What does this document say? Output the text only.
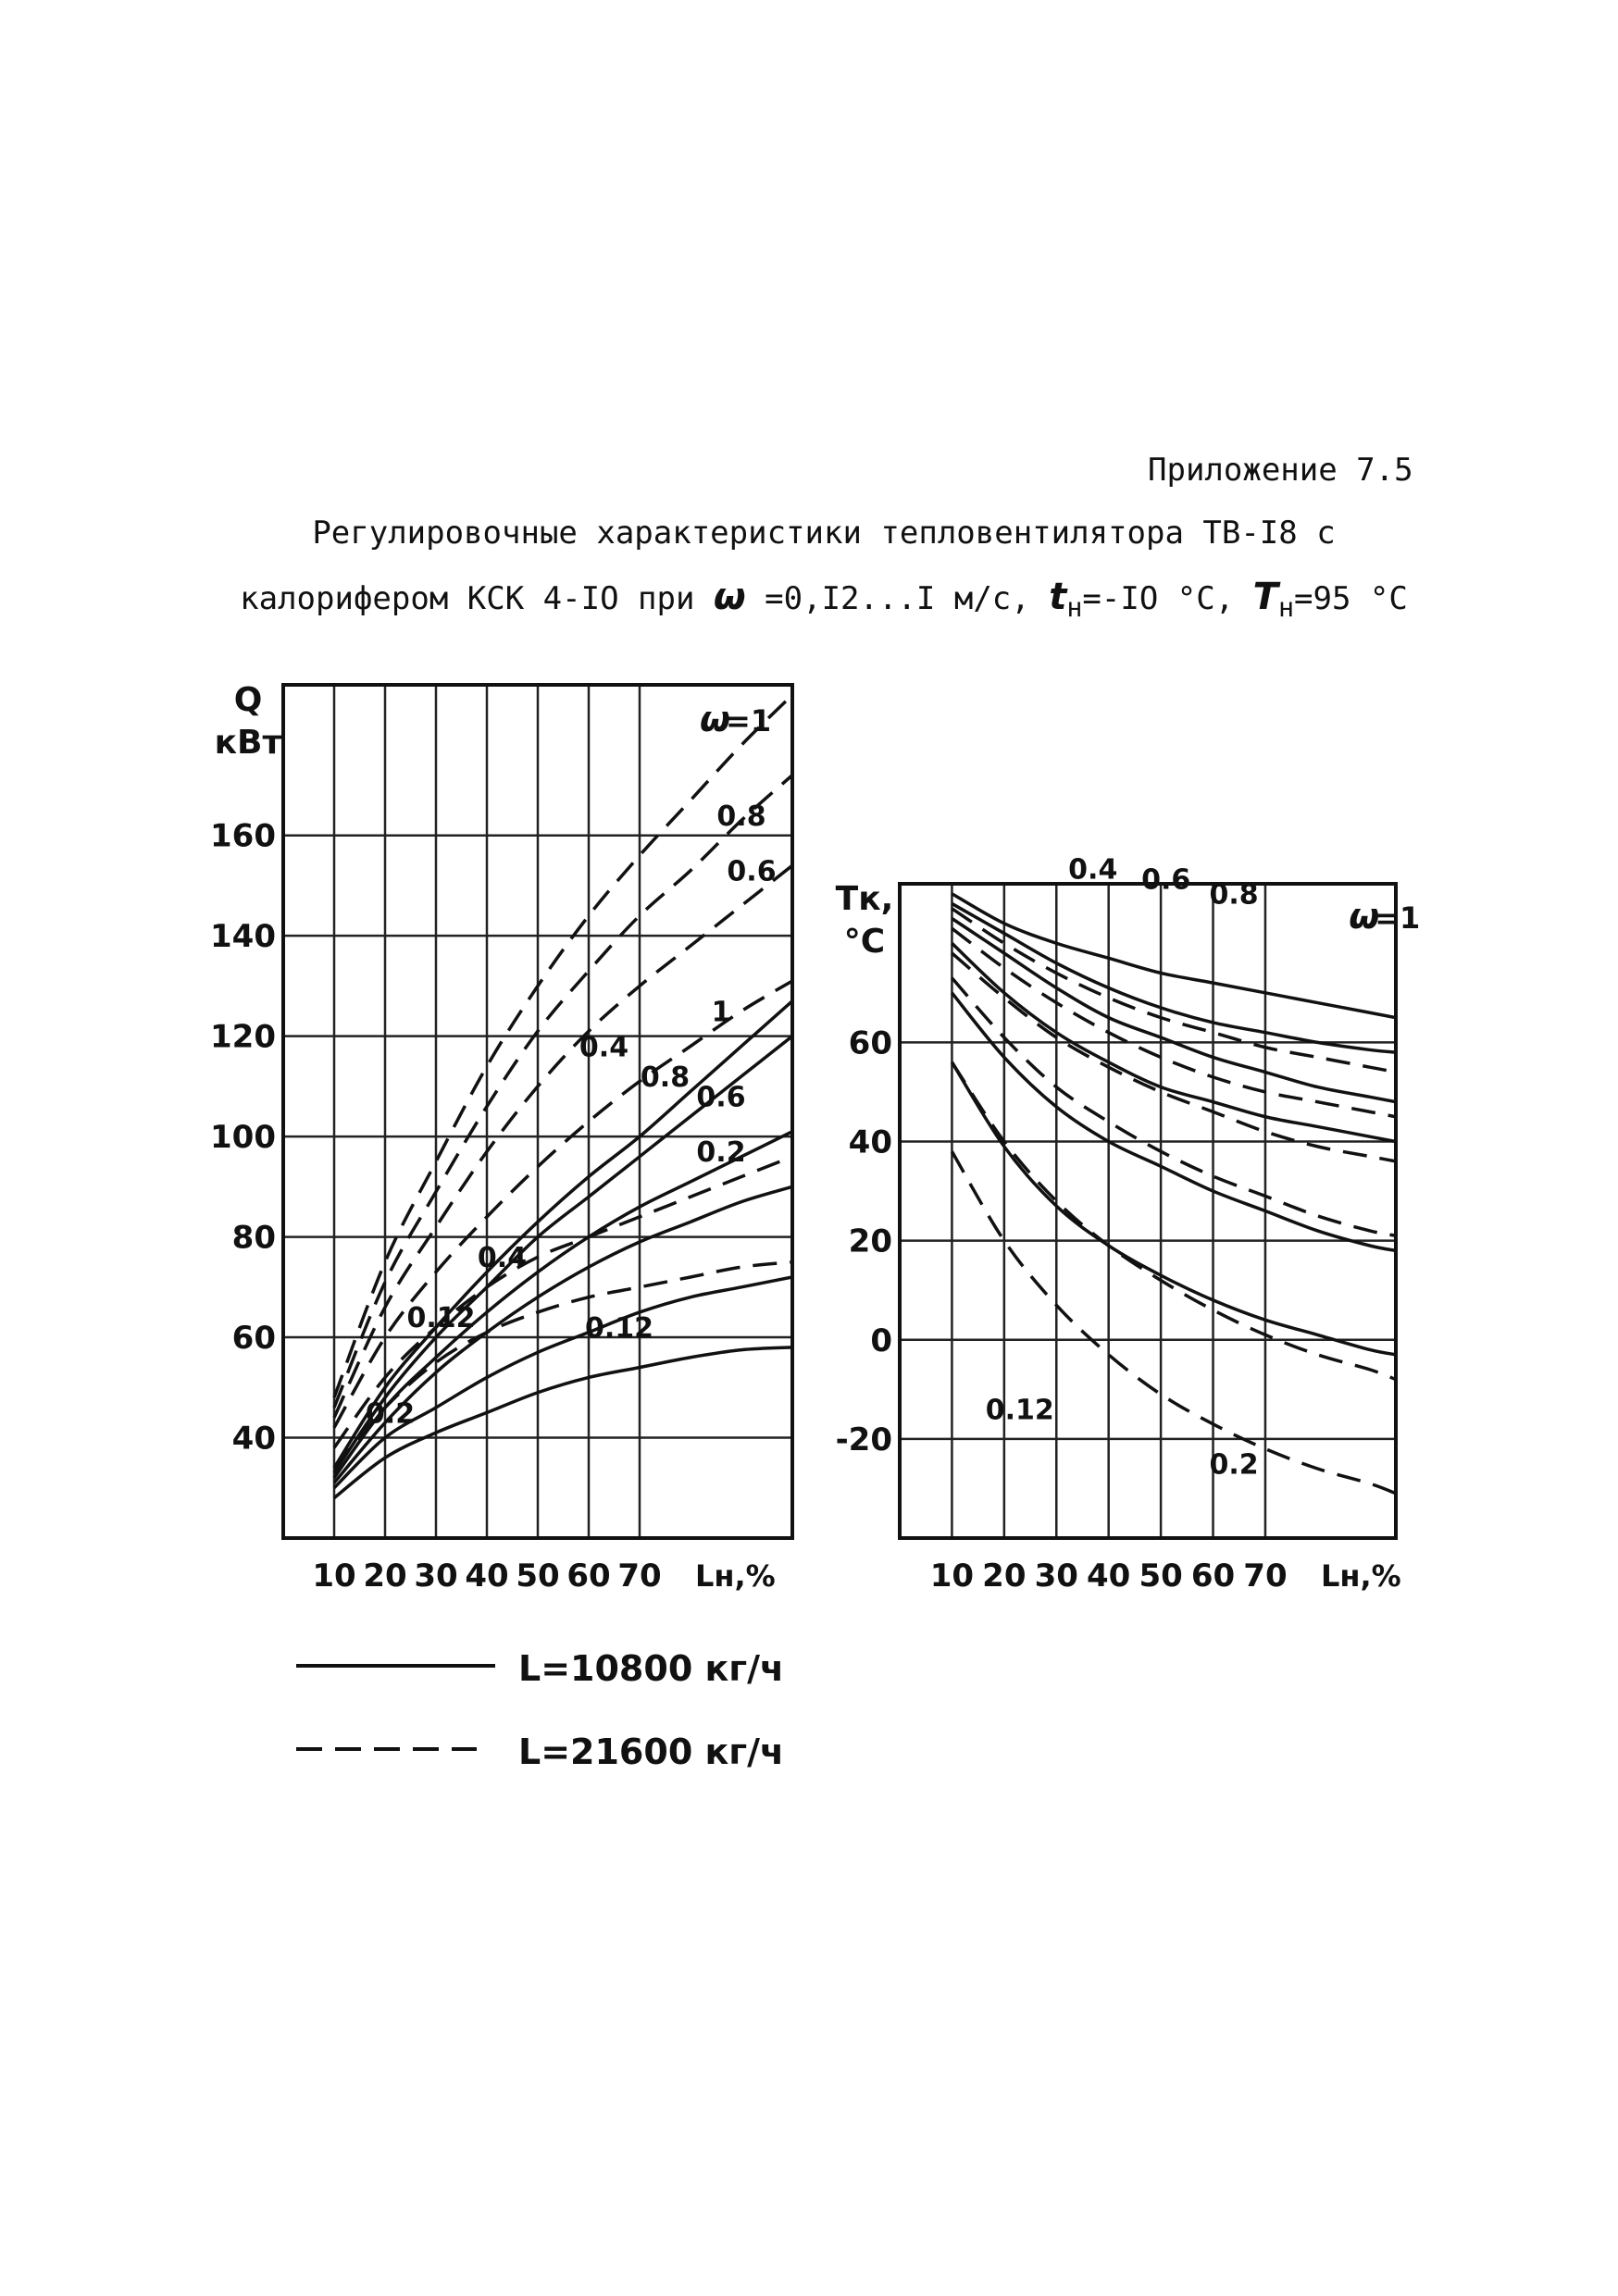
Приложение 7.5
Регулировочные характеристики тепловентилятора ТВ-I8 с
калорифером КСК 4-IO при ω =0,I2...I м/с, $t_н=-IO$ °С, $T_н=95$ °С
10 20 30 40 50 60 70
40
60
80
100
120
140
160
Q
кВт
Lн,%
0.8
0.6
1
0.4
0.8
0.6
0.2
0.4
0.12	0.12
0.2
ω
=1
10 20 30 40 50 60 70
-20
0
20
40
60
Tк,
°С
Lн,%
0.4 0.6 0.8
0.12
0.2
ω
=1
L=10800 кг/ч
L=21600 кг/ч
